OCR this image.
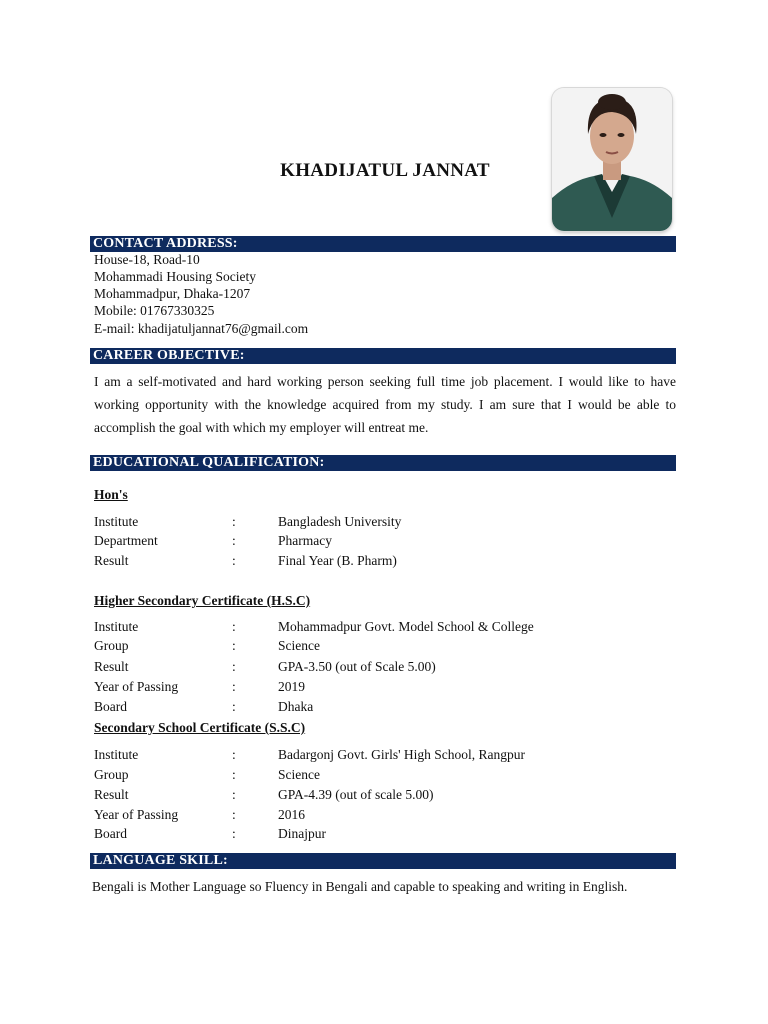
KHADIJATUL JANNAT
CONTACT ADDRESS:
House-18, Road-10
Mohammadi Housing Society
Mohammadpur, Dhaka-1207
Mobile: 01767330325
E-mail: khadijatuljannat76@gmail.com
CAREER OBJECTIVE:

I am a self-motivated and hard working person seeking full time job placement. I would like to have working opportunity with the knowledge acquired from my study. I am sure that I would be able to accomplish the goal with which my employer will entreat me.

EDUCATIONAL QUALIFICATION:
Hon's
Institute	:	Bangladesh University
Department	:	Pharmacy
Result	:	Final Year (B. Pharm)
Higher Secondary Certificate (H.S.C)
Institute	:	Mohammadpur Govt. Model School & College
Group	:	Science
Result	:	GPA-3.50 (out of Scale 5.00)
Year of Passing	:	2019
Board	:	Dhaka
Secondary School Certificate (S.S.C)
Institute	:	Badargonj Govt. Girls' High School, Rangpur
Group	:	Science
Result	:	GPA-4.39 (out of scale 5.00)
Year of Passing	:	2016
Board	:	Dinajpur
LANGUAGE SKILL:
Bengali is Mother Language so Fluency in Bengali and capable to speaking and writing in English.
